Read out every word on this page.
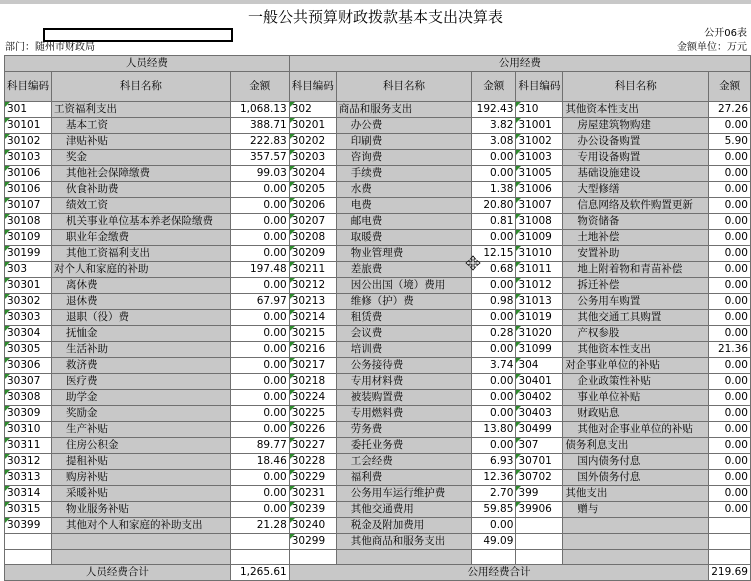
一般公共预算财政拨款基本支出决算表
公开06表
部门：随州市财政局	金额单位：万元
人员经费			公用经费					
科目编码	科目名称	金额	科目编码	科目名称	金额	科目编码	科目名称	金额
301	工资福利支出	1,068.13	302	商品和服务支出	192.43	310	其他资本性支出	27.26
30101	基本工资	388.71	30201	办公费	3.82	31001	房屋建筑物购建	0.00
30102	津贴补贴	222.83	30202	印刷费	3.08	31002	办公设备购置	5.90
30103	奖金	357.57	30203	咨询费	0.00	31003	专用设备购置	0.00
30106	其他社会保障缴费	99.03	30204	手续费	0.00	31005	基础设施建设	0.00
30106	伙食补助费	0.00	30205	水费	1.38	31006	大型修缮	0.00
30107	绩效工资	0.00	30206	电费	20.80	31007	信息网络及软件购置更新	0.00
30108	机关事业单位基本养老保险缴费	0.00	30207	邮电费	0.81	31008	物资储备	0.00
30109	职业年金缴费	0.00	30208	取暖费	0.00	31009	土地补偿	0.00
30199	其他工资福利支出	0.00	30209	物业管理费	12.15	31010	安置补助	0.00
303	对个人和家庭的补助	197.48	30211	差旅费	0.68	31011	地上附着物和青苗补偿	0.00
30301	离休费	0.00	30212	因公出国（境）费用	0.00	31012	拆迁补偿	0.00
30302	退休费	67.97	30213	维修（护）费	0.98	31013	公务用车购置	0.00
30303	退职（役）费	0.00	30214	租赁费	0.00	31019	其他交通工具购置	0.00
30304	抚恤金	0.00	30215	会议费	0.28	31020	产权参股	0.00
30305	生活补助	0.00	30216	培训费	0.00	31099	其他资本性支出	21.36
30306	救济费	0.00	30217	公务接待费	3.74	304	对企事业单位的补贴	0.00
30307	医疗费	0.00	30218	专用材料费	0.00	30401	企业政策性补贴	0.00
30308	助学金	0.00	30224	被装购置费	0.00	30402	事业单位补贴	0.00
30309	奖励金	0.00	30225	专用燃料费	0.00	30403	财政贴息	0.00
30310	生产补贴	0.00	30226	劳务费	13.80	30499	其他对企事业单位的补贴	0.00
30311	住房公积金	89.77	30227	委托业务费	0.00	307	债务利息支出	0.00
30312	提租补贴	18.46	30228	工会经费	6.93	30701	国内债务付息	0.00
30313	购房补贴	0.00	30229	福利费	12.36	30702	国外债务付息	0.00
30314	采暖补贴	0.00	30231	公务用车运行维护费	2.70	399	其他支出	0.00
30315	物业服务补贴	0.00	30239	其他交通费用	59.85	39906	赠与	0.00
30399	其他对个人和家庭的补助支出	21.28	30240	税金及附加费用	0.00			
			30299	其他商品和服务支出	49.09			

人员经费合计		1,265.61	公用经费合计					219.69
